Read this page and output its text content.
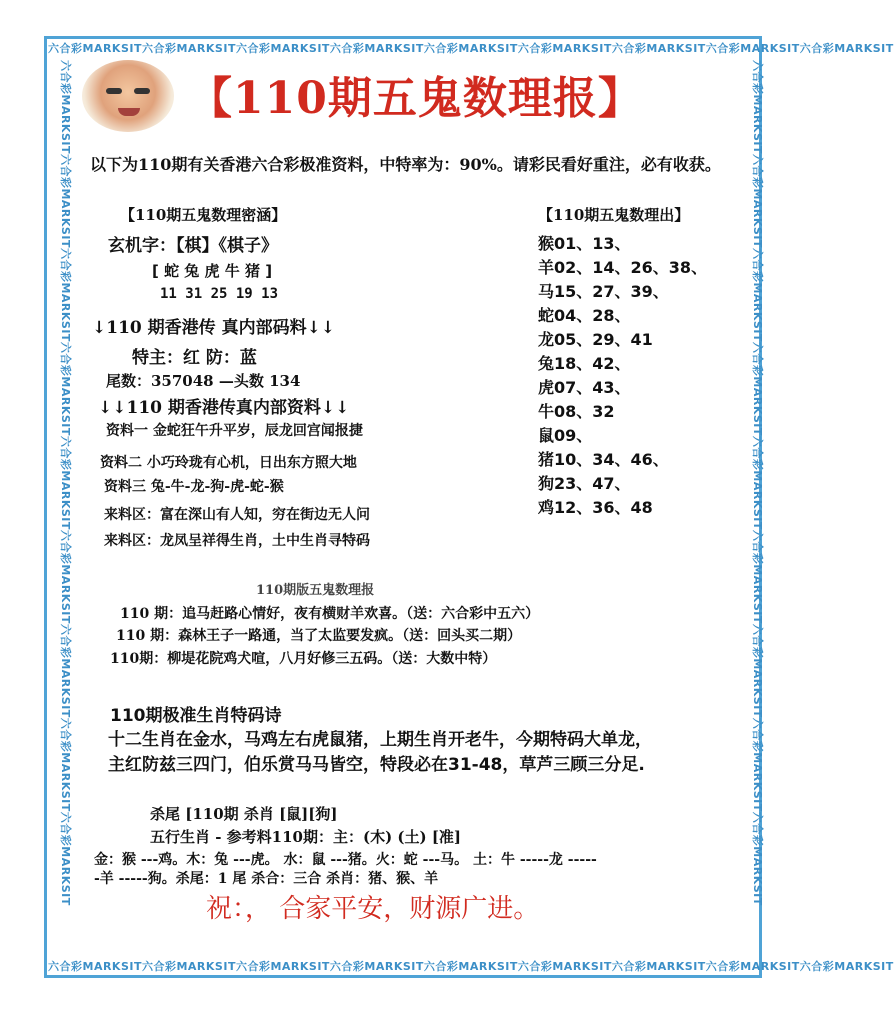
六合彩MARKSIT六合彩MARKSIT六合彩MARKSIT六合彩MARKSIT六合彩MARKSIT六合彩MARKSIT六合彩MARKSIT六合彩MARKSIT六合彩MARKSIT
六合彩MARKSIT六合彩MARKSIT六合彩MARKSIT六合彩MARKSIT六合彩MARKSIT六合彩MARKSIT六合彩MARKSIT六合彩MARKSIT六合彩MARKSIT
六合彩MARKSIT六合彩MARKSIT六合彩MARKSIT六合彩MARKSIT六合彩MARKSIT六合彩MARKSIT六合彩MARKSIT六合彩MARKSIT六合彩MARKSIT	六合彩MARKSIT六合彩MARKSIT六合彩MARKSIT六合彩MARKSIT六合彩MARKSIT六合彩MARKSIT六合彩MARKSIT六合彩MARKSIT六合彩MARKSIT
【110期五鬼数理报】
以下为110期有关香港六合彩极准资料，中特率为：90%。请彩民看好重注，必有收获。
【110期五鬼数理密涵】
玄机字：【棋】《棋子》
[ 蛇 兔 虎 牛 猪 ]
11 31 25 19 13
↓110 期香港传 真内部码料↓↓
特主：红 防：蓝
尾数：357048 —头数 134
↓↓110 期香港传真内部资料↓↓
资料一 金蛇狂午升平岁，辰龙回宫闻报捷
资料二 小巧玲珑有心机，日出东方照大地
资料三 兔-牛-龙-狗-虎-蛇-猴
来料区：富在深山有人知，穷在街边无人问
来料区：龙凤呈祥得生肖，土中生肖寻特码
【110期五鬼数理出】
猴01、13、
羊02、14、26、38、
马15、27、39、
蛇04、28、
龙05、29、41
兔18、42、
虎07、43、
牛08、32
鼠09、
猪10、34、46、
狗23、47、
鸡12、36、48
110期版五鬼数理报
110 期：追马赶路心情好，夜有横财羊欢喜。（送：六合彩中五六）
110 期：森林王子一路通，当了太监要发疯。（送：回头买二期）
110期：柳堤花院鸡犬喧，八月好修三五码。（送：大数中特）
110期极准生肖特码诗
十二生肖在金水，马鸡左右虎鼠猪，上期生肖开老牛，今期特码大单龙，
主红防兹三四门，伯乐赏马马皆空，特段必在31-48，草芦三顾三分足.
杀尾 [110期 杀肖 [鼠][狗]
五行生肖 - 参考料110期：主：(木) (土) [准]
金：猴 ---鸡。木：兔 ---虎。 水：鼠 ---猪。火：蛇 ---马。 土：牛 -----龙 -----
-羊 -----狗。杀尾：1 尾 杀合：三合 杀肖：猪、猴、羊
祝：， 合家平安，财源广进。
